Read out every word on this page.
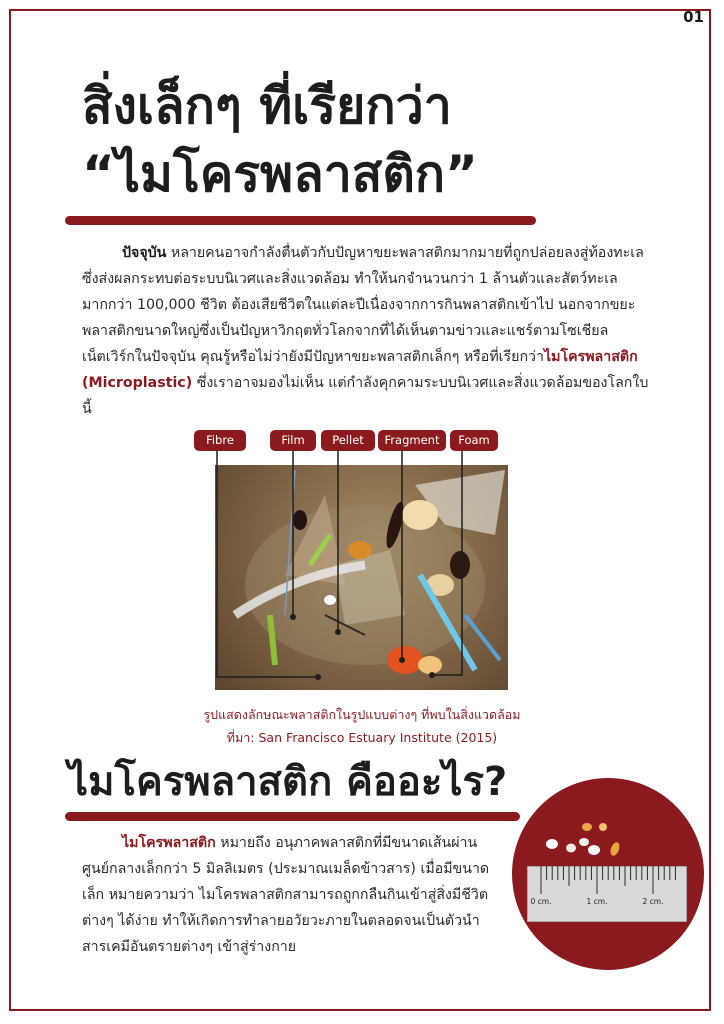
01
สิ่งเล็กๆ ที่เรียกว่า
“ไมโครพลาสติก”

ปัจจุบัน หลายคนอาจกำลังตื่นตัวกับปัญหาขยะพลาสติกมากมายที่ถูกปล่อยลงสู่ท้องทะเล ซึ่งส่งผลกระทบต่อระบบนิเวศและสิ่งแวดล้อม ทำให้นกจำนวนกว่า 1 ล้านตัวและสัตว์ทะเลมากกว่า 100,000 ชีวิต ต้องเสียชีวิตในแต่ละปีเนื่องจากการกินพลาสติกเข้าไป นอกจากขยะพลาสติกขนาดใหญ่ซึ่งเป็นปัญหาวิกฤตทั่วโลกจากที่ได้เห็นตามข่าวและแชร์ตามโซเชียลเน็ตเวิร์กในปัจจุบัน คุณรู้หรือไม่ว่ายังมีปัญหาขยะพลาสติกเล็กๆ หรือที่เรียกว่าไมโครพลาสติก (Microplastic) ซึ่งเราอาจมองไม่เห็น แต่กำลังคุกคามระบบนิเวศและสิ่งแวดล้อมของโลกใบนี้

Fibre	Film	Pellet	Fragment	Foam
รูปแสดงลักษณะพลาสติกในรูปแบบต่างๆ ที่พบในสิ่งแวดล้อม
ที่มา: San Francisco Estuary Institute (2015)
ไมโครพลาสติก คืออะไร?

ไมโครพลาสติก หมายถึง อนุภาคพลาสติกที่มีขนาดเส้นผ่านศูนย์กลางเล็กกว่า 5 มิลลิเมตร (ประมาณเมล็ดข้าวสาร) เมื่อมีขนาดเล็ก หมายความว่า ไมโครพลาสติกสามารถถูกกลืนกินเข้าสู่สิ่งมีชีวิตต่างๆ ได้ง่าย ทำให้เกิดการทำลายอวัยวะภายในตลอดจนเป็นตัวนำสารเคมีอันตรายต่างๆ เข้าสู่ร่างกาย

0 cm.	1 cm.	2 cm.
